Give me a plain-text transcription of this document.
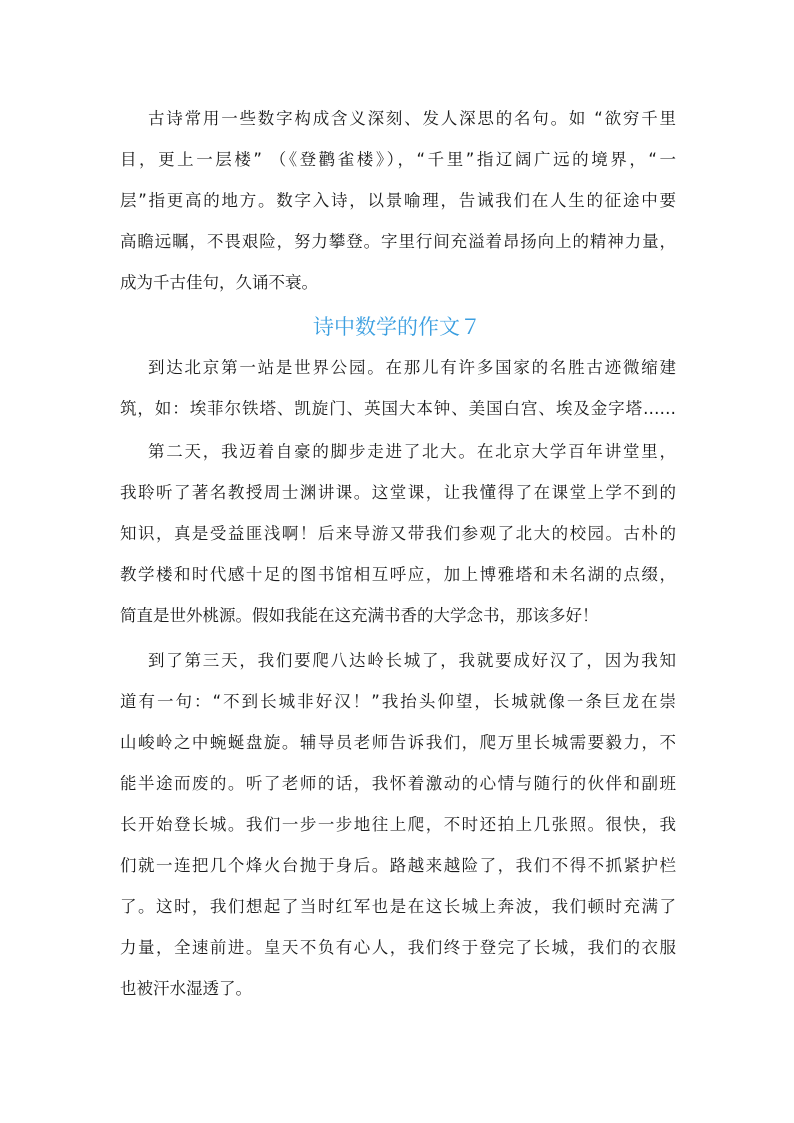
古诗常用一些数字构成含义深刻、发人深思的名句。如 “欲穷千里
目，更上一层楼” （《登鹳雀楼》），“千里”指辽阔广远的境界，“一
层”指更高的地方。数字入诗，以景喻理，告诫我们在人生的征途中要
高瞻远瞩，不畏艰险，努力攀登。字里行间充溢着昂扬向上的精神力量，
成为千古佳句，久诵不衰。
诗中数学的作文７
到达北京第一站是世界公园。在那儿有许多国家的名胜古迹微缩建
筑，如：埃菲尔铁塔、凯旋门、英国大本钟、美国白宫、埃及金字塔……
第二天，我迈着自豪的脚步走进了北大。在北京大学百年讲堂里，
我聆听了著名教授周士渊讲课。这堂课，让我懂得了在课堂上学不到的
知识，真是受益匪浅啊！后来导游又带我们参观了北大的校园。古朴的
教学楼和时代感十足的图书馆相互呼应，加上博雅塔和未名湖的点缀，
简直是世外桃源。假如我能在这充满书香的大学念书，那该多好！
到了第三天，我们要爬八达岭长城了，我就要成好汉了，因为我知
道有一句：“不到长城非好汉！”我抬头仰望，长城就像一条巨龙在崇
山峻岭之中蜿蜒盘旋。辅导员老师告诉我们，爬万里长城需要毅力，不
能半途而废的。听了老师的话，我怀着激动的心情与随行的伙伴和副班
长开始登长城。我们一步一步地往上爬，不时还拍上几张照。很快，我
们就一连把几个烽火台抛于身后。路越来越险了，我们不得不抓紧护栏
了。这时，我们想起了当时红军也是在这长城上奔波，我们顿时充满了
力量，全速前进。皇天不负有心人，我们终于登完了长城，我们的衣服
也被汗水湿透了。
